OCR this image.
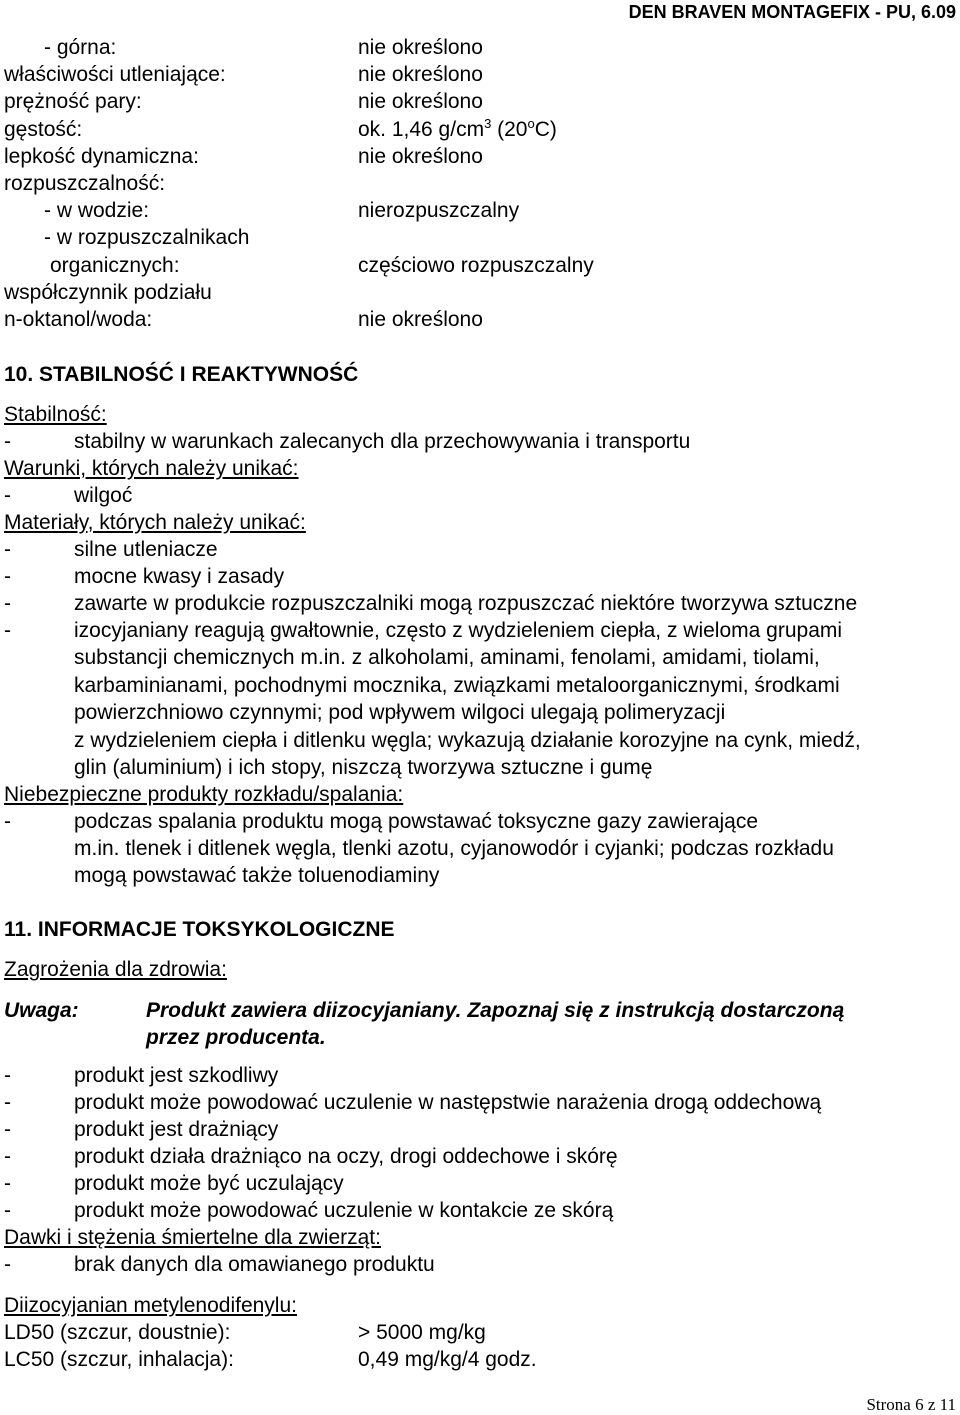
DEN BRAVEN MONTAGEFIX - PU, 6.09
- górna:	nie określono
właściwości utleniające:	nie określono
prężność pary:	nie określono
gęstość:	ok. 1,46 $g/cm^3$ (20$^o$C)
lepkość dynamiczna:	nie określono
rozpuszczalność:
- w wodzie:	nierozpuszczalny
- w rozpuszczalnikach
organicznych:	częściowo rozpuszczalny
współczynnik podziału
n-oktanol/woda:	nie określono
10. STABILNOŚĆ I REAKTYWNOŚĆ
Stabilność:
-	stabilny w warunkach zalecanych dla przechowywania i transportu
Warunki, których należy unikać:
-	wilgoć
Materiały, których należy unikać:
-	silne utleniacze
-	mocne kwasy i zasady
-	zawarte w produkcie rozpuszczalniki mogą rozpuszczać niektóre tworzywa sztuczne
-	izocyjaniany reagują gwałtownie, często z wydzieleniem ciepła, z wieloma grupami
substancji chemicznych m.in. z alkoholami, aminami, fenolami, amidami, tiolami,
karbaminianami, pochodnymi mocznika, związkami metaloorganicznymi, środkami
powierzchniowo czynnymi; pod wpływem wilgoci ulegają polimeryzacji
z wydzieleniem ciepła i ditlenku węgla; wykazują działanie korozyjne na cynk, miedź,
glin (aluminium) i ich stopy, niszczą tworzywa sztuczne i gumę
Niebezpieczne produkty rozkładu/spalania:
-	podczas spalania produktu mogą powstawać toksyczne gazy zawierające
m.in. tlenek i ditlenek węgla, tlenki azotu, cyjanowodór i cyjanki; podczas rozkładu
mogą powstawać także toluenodiaminy
11. INFORMACJE TOKSYKOLOGICZNE
Zagrożenia dla zdrowia:
Uwaga:	Produkt zawiera diizocyjaniany. Zapoznaj się z instrukcją dostarczoną
przez producenta.
-	produkt jest szkodliwy
-	produkt może powodować uczulenie w następstwie narażenia drogą oddechową
-	produkt jest drażniący
-	produkt działa drażniąco na oczy, drogi oddechowe i skórę
-	produkt może być uczulający
-	produkt może powodować uczulenie w kontakcie ze skórą
Dawki i stężenia śmiertelne dla zwierząt:
-	brak danych dla omawianego produktu
Diizocyjanian metylenodifenylu:
LD50 (szczur, doustnie):	> 5000 mg/kg
LC50 (szczur, inhalacja):	0,49 mg/kg/4 godz.
Strona 6 z 11
